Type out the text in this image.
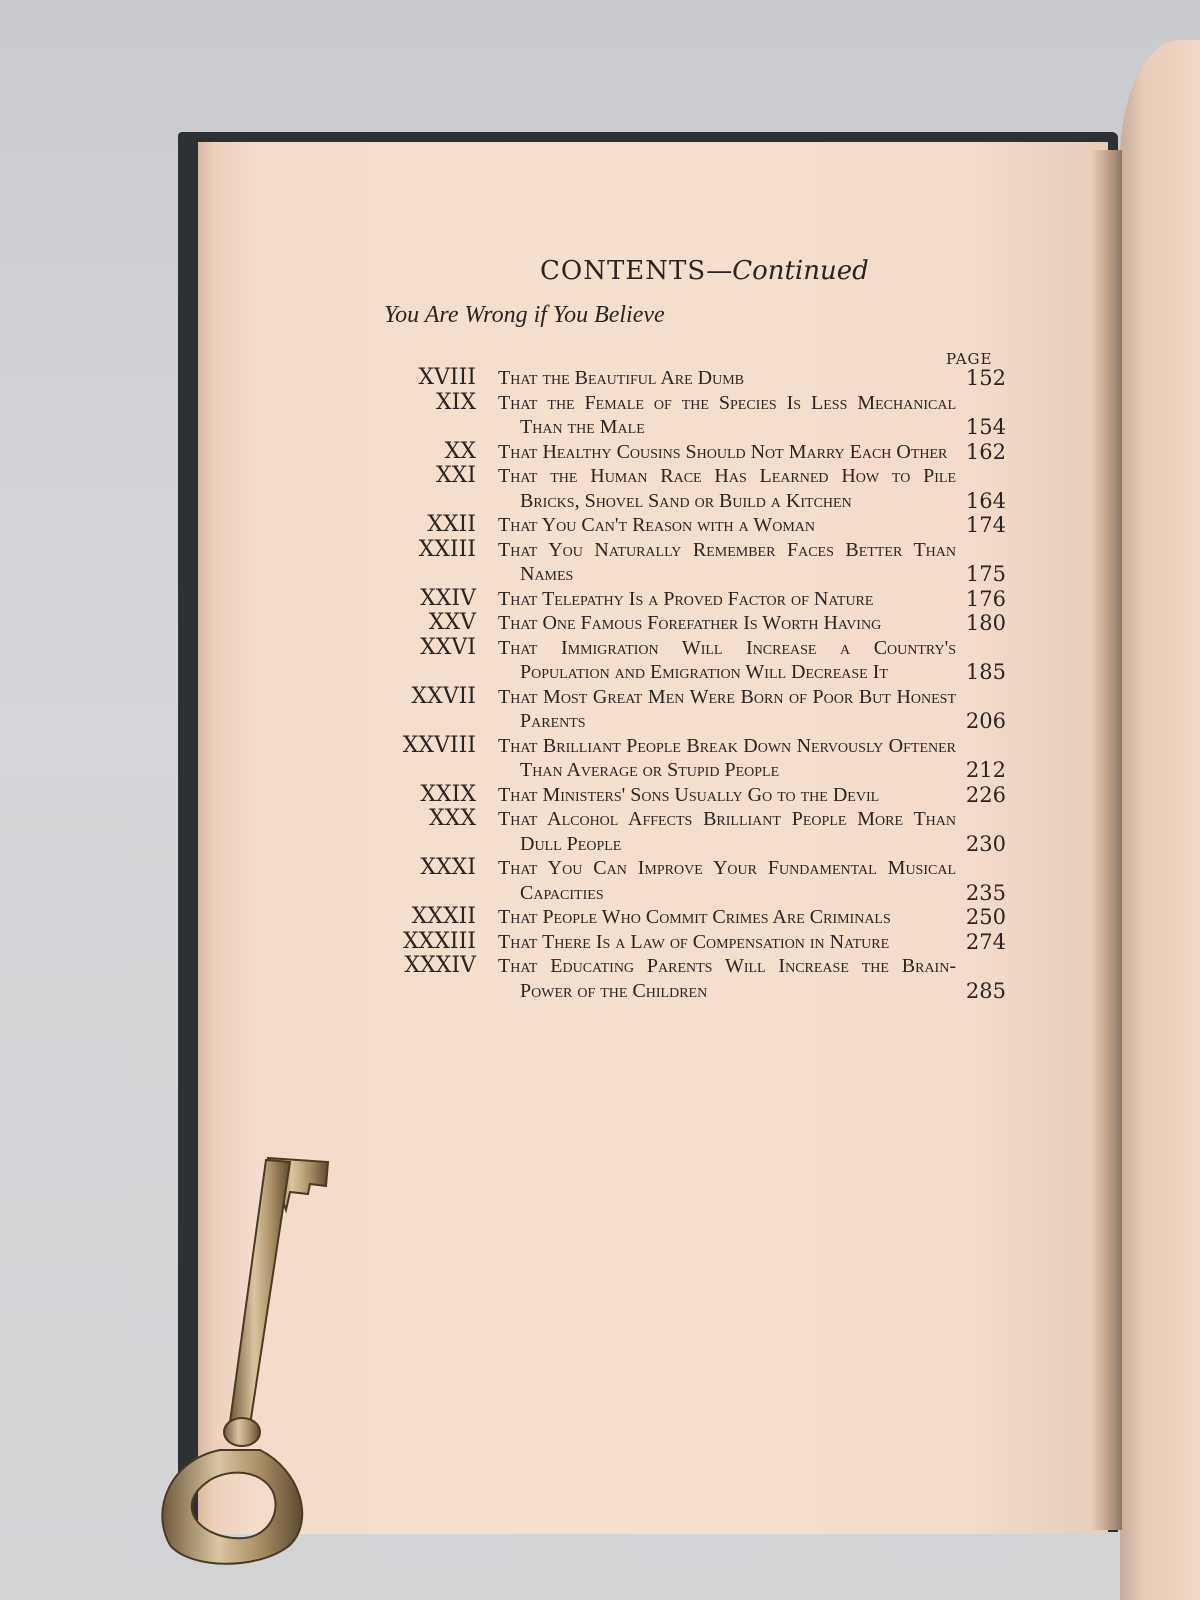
CONTENTS—Continued
You Are Wrong if You Believe
PAGE
XVIII That the Beautiful Are Dumb	152
XIX That the Female of the Species Is Less Mechanical Than the Male	154
XX That Healthy Cousins Should Not Marry Each Other 162
XXI That the Human Race Has Learned How to Pile Bricks, Shovel Sand or Build a Kitchen	164
XXII That You Can't Reason with a Woman	174
XXIII That You Naturally Remember Faces Better Than Names	175
XXIV That Telepathy Is a Proved Factor of Nature	176
XXV That One Famous Forefather Is Worth Having	180
XXVI That Immigration Will Increase a Country's Population and Emigration Will Decrease It	185
XXVII That Most Great Men Were Born of Poor But Honest Parents	206
XXVIII That Brilliant People Break Down Nervously Oftener Than Average or Stupid People	212
XXIX That Ministers' Sons Usually Go to the Devil	226
XXX That Alcohol Affects Brilliant People More Than Dull People	230
XXXI That You Can Improve Your Fundamental Musical Capacities	235
XXXII That People Who Commit Crimes Are Criminals	250
XXXIII That There Is a Law of Compensation in Nature	274
XXXIV That Educating Parents Will Increase the Brain-Power of the Children	285
